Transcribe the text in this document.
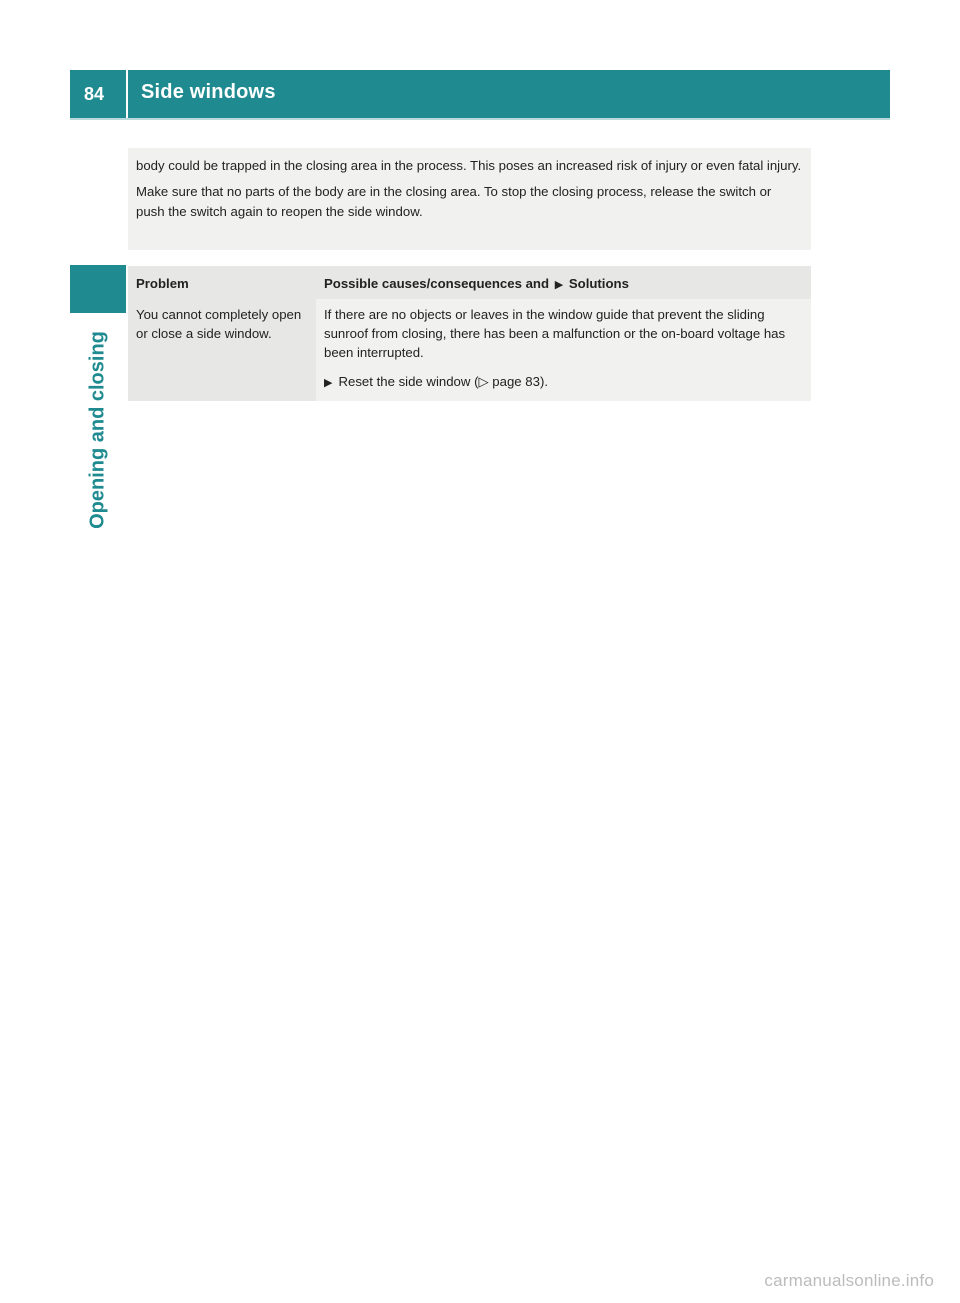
84 Side windows
Opening and closing

body could be trapped in the closing area in the process. This poses an increased risk of injury or even fatal injury.

Make sure that no parts of the body are in the closing area. To stop the closing process, release the switch or push the switch again to reopen the side window.

Problem	Possible causes/consequences and ▶ Solutions
You cannot completely open or close a side window.	If there are no objects or leaves in the window guide that prevent the sliding sunroof from closing, there has been a malfunction or the on-board voltage has been interrupted.

▶ Reset the side window (▷ page 83).

carmanualsonline.info
